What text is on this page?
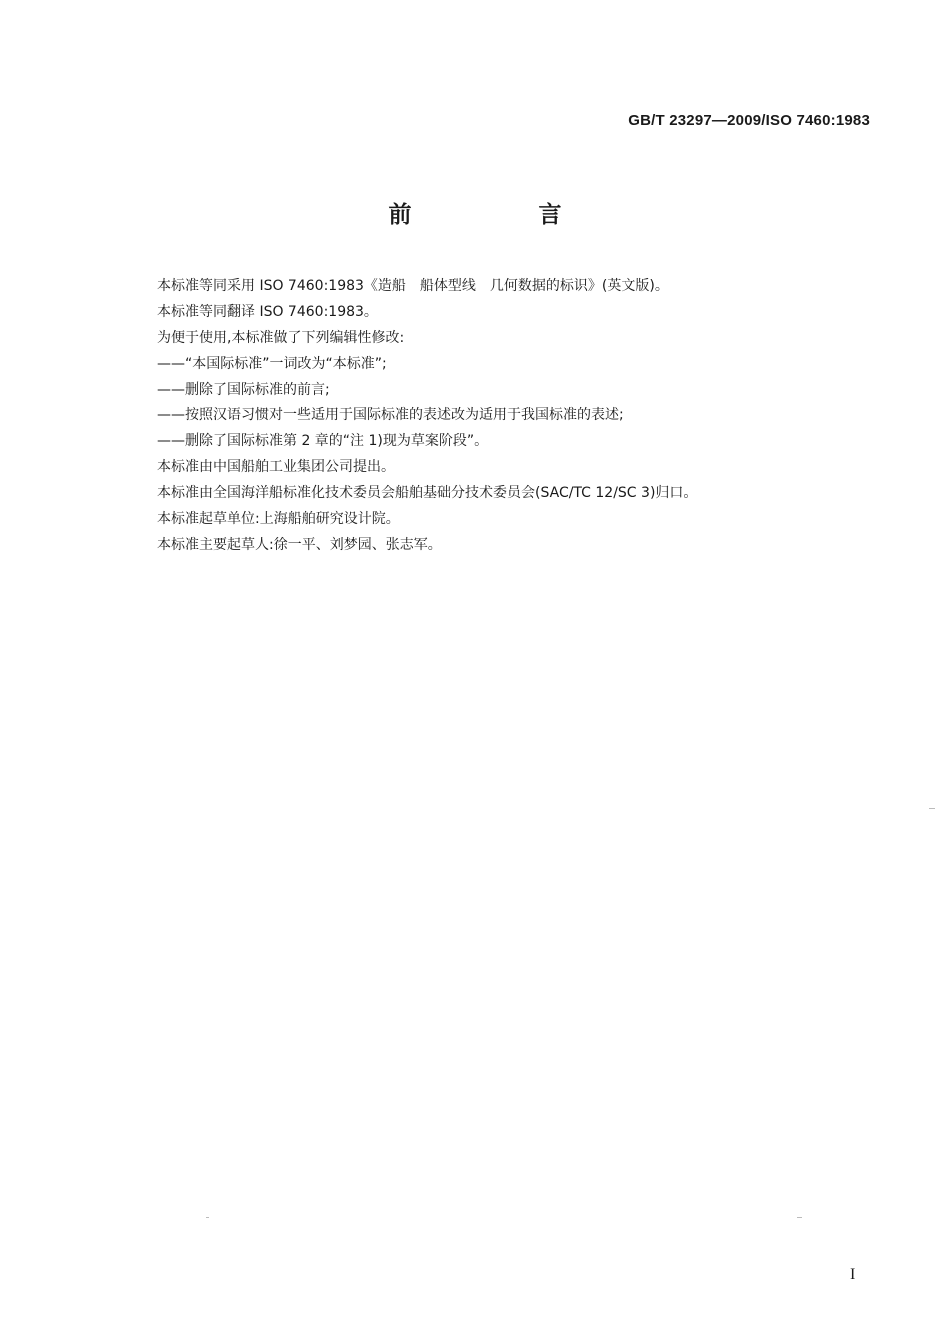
GB/T 23297—2009/ISO 7460:1983
前　言
本标准等同采用 ISO 7460:1983《造船　船体型线　几何数据的标识》(英文版)。
本标准等同翻译 ISO 7460:1983。
为便于使用,本标准做了下列编辑性修改:
——“本国际标准”一词改为“本标准”;
——删除了国际标准的前言;
——按照汉语习惯对一些适用于国际标准的表述改为适用于我国标准的表述;
——删除了国际标准第 2 章的“注 1)现为草案阶段”。
本标准由中国船舶工业集团公司提出。
本标准由全国海洋船标准化技术委员会船舶基础分技术委员会(SAC/TC 12/SC 3)归口。
本标准起草单位:上海船舶研究设计院。
本标准主要起草人:徐一平、刘梦园、张志军。
I
